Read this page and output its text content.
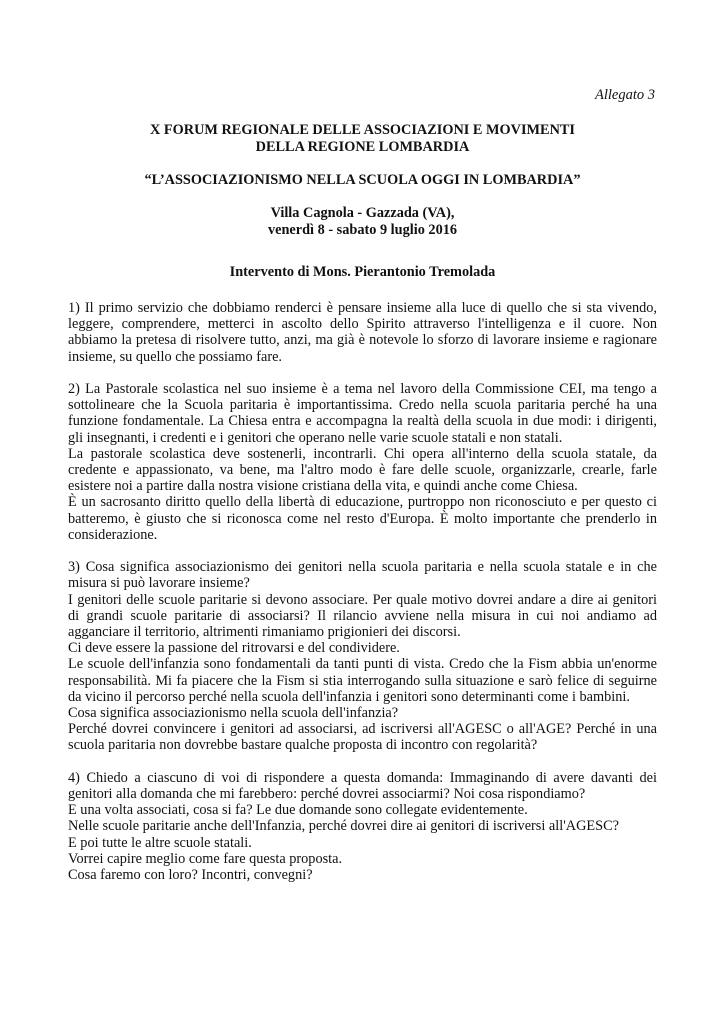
Allegato 3
X FORUM REGIONALE DELLE ASSOCIAZIONI E MOVIMENTI
DELLA REGIONE LOMBARDIA
“L’ASSOCIAZIONISMO NELLA SCUOLA OGGI IN LOMBARDIA”
Villa Cagnola - Gazzada (VA),
venerdì 8 - sabato 9 luglio 2016
Intervento di Mons. Pierantonio Tremolada
1) Il primo servizio che dobbiamo renderci è pensare insieme alla luce di quello che si sta vivendo, leggere, comprendere, metterci in ascolto dello Spirito attraverso l'intelligenza e il cuore. Non abbiamo la pretesa di risolvere tutto, anzi, ma già è notevole lo sforzo di lavorare insieme e ragionare insieme, su quello che possiamo fare.
2) La Pastorale scolastica nel suo insieme è a tema nel lavoro della Commissione CEI, ma tengo a sottolineare che la Scuola paritaria è importantissima. Credo nella scuola paritaria perché ha una funzione fondamentale. La Chiesa entra e accompagna la realtà della scuola in due modi: i dirigenti, gli insegnanti, i credenti e i genitori che operano nelle varie scuole statali e non statali.
La pastorale scolastica deve sostenerli, incontrarli. Chi opera all'interno della scuola statale, da credente e appassionato, va bene, ma l'altro modo è fare delle scuole, organizzarle, crearle, farle esistere noi a partire dalla nostra visione cristiana della vita, e quindi anche come Chiesa.
È un sacrosanto diritto quello della libertà di educazione, purtroppo non riconosciuto e per questo ci batteremo, è giusto che si riconosca come nel resto d'Europa. È molto importante che prenderlo in considerazione.
3) Cosa significa associazionismo dei genitori nella scuola paritaria e nella scuola statale e in che misura si può lavorare insieme?
I genitori delle scuole paritarie si devono associare. Per quale motivo dovrei andare a dire ai genitori di grandi scuole paritarie di associarsi? Il rilancio avviene nella misura in cui noi andiamo ad agganciare il territorio, altrimenti rimaniamo prigionieri dei discorsi.
Ci deve essere la passione del ritrovarsi e del condividere.
Le scuole dell'infanzia sono fondamentali da tanti punti di vista. Credo che la Fism abbia un'enorme responsabilità. Mi fa piacere che la Fism si stia interrogando sulla situazione e sarò felice di seguirne da vicino il percorso perché nella scuola dell'infanzia i genitori sono determinanti come i bambini.
Cosa significa associazionismo nella scuola dell'infanzia?
Perché dovrei convincere i genitori ad associarsi, ad iscriversi all'AGESC o all'AGE? Perché in una scuola paritaria non dovrebbe bastare qualche proposta di incontro con regolarità?
4) Chiedo a ciascuno di voi di rispondere a questa domanda: Immaginando di avere davanti dei genitori alla domanda che mi farebbero: perché dovrei associarmi? Noi cosa rispondiamo?
E una volta associati, cosa si fa? Le due domande sono collegate evidentemente.
Nelle scuole paritarie anche dell'Infanzia, perché dovrei dire ai genitori di iscriversi all'AGESC?
E poi tutte le altre scuole statali.
Vorrei capire meglio come fare questa proposta.
Cosa faremo con loro? Incontri, convegni?
